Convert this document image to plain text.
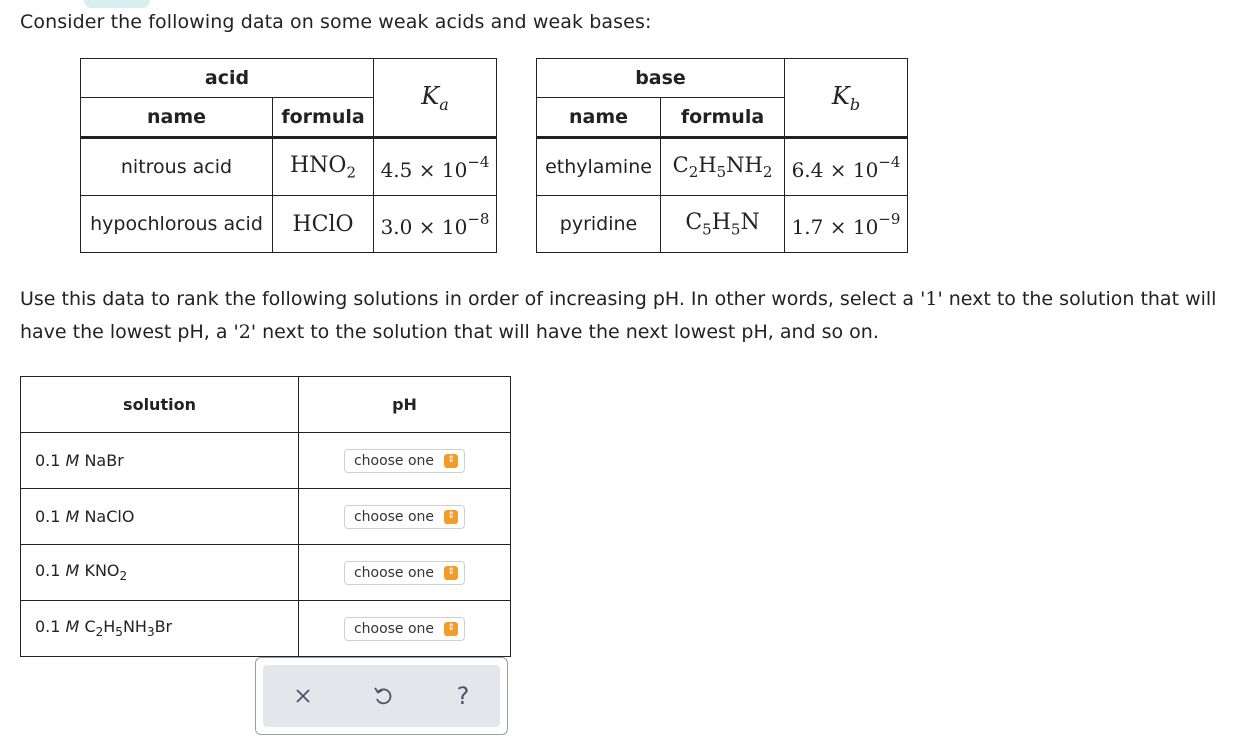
Consider the following data on some weak acids and weak bases:
acid		$K_a$
name	formula	
nitrous acid	$HNO_2$	$4.5 \times 10^{-4}$
hypochlorous acid	HClO	$3.0 \times 10^{-8}$
base		$K_b$
name	formula	
ethylamine	$C_2H_5NH_2$	$6.4 \times 10^{-4}$
pyridine	$C_5H_5N$	$1.7 \times 10^{-9}$
Use this data to rank the following solutions in order of increasing pH. In other words, select a '1' next to the solution that will have the lowest pH, a '2' next to the solution that will have the next lowest pH, and so on.
solution	pH
0.1 M NaBr	choose one ⇕

0.1 M NaClO	choose one ⇕

0.1 M $KNO_2$	choose one ⇕

0.1 M $C_2H_5NH_3Br$	choose one ⇕
?
